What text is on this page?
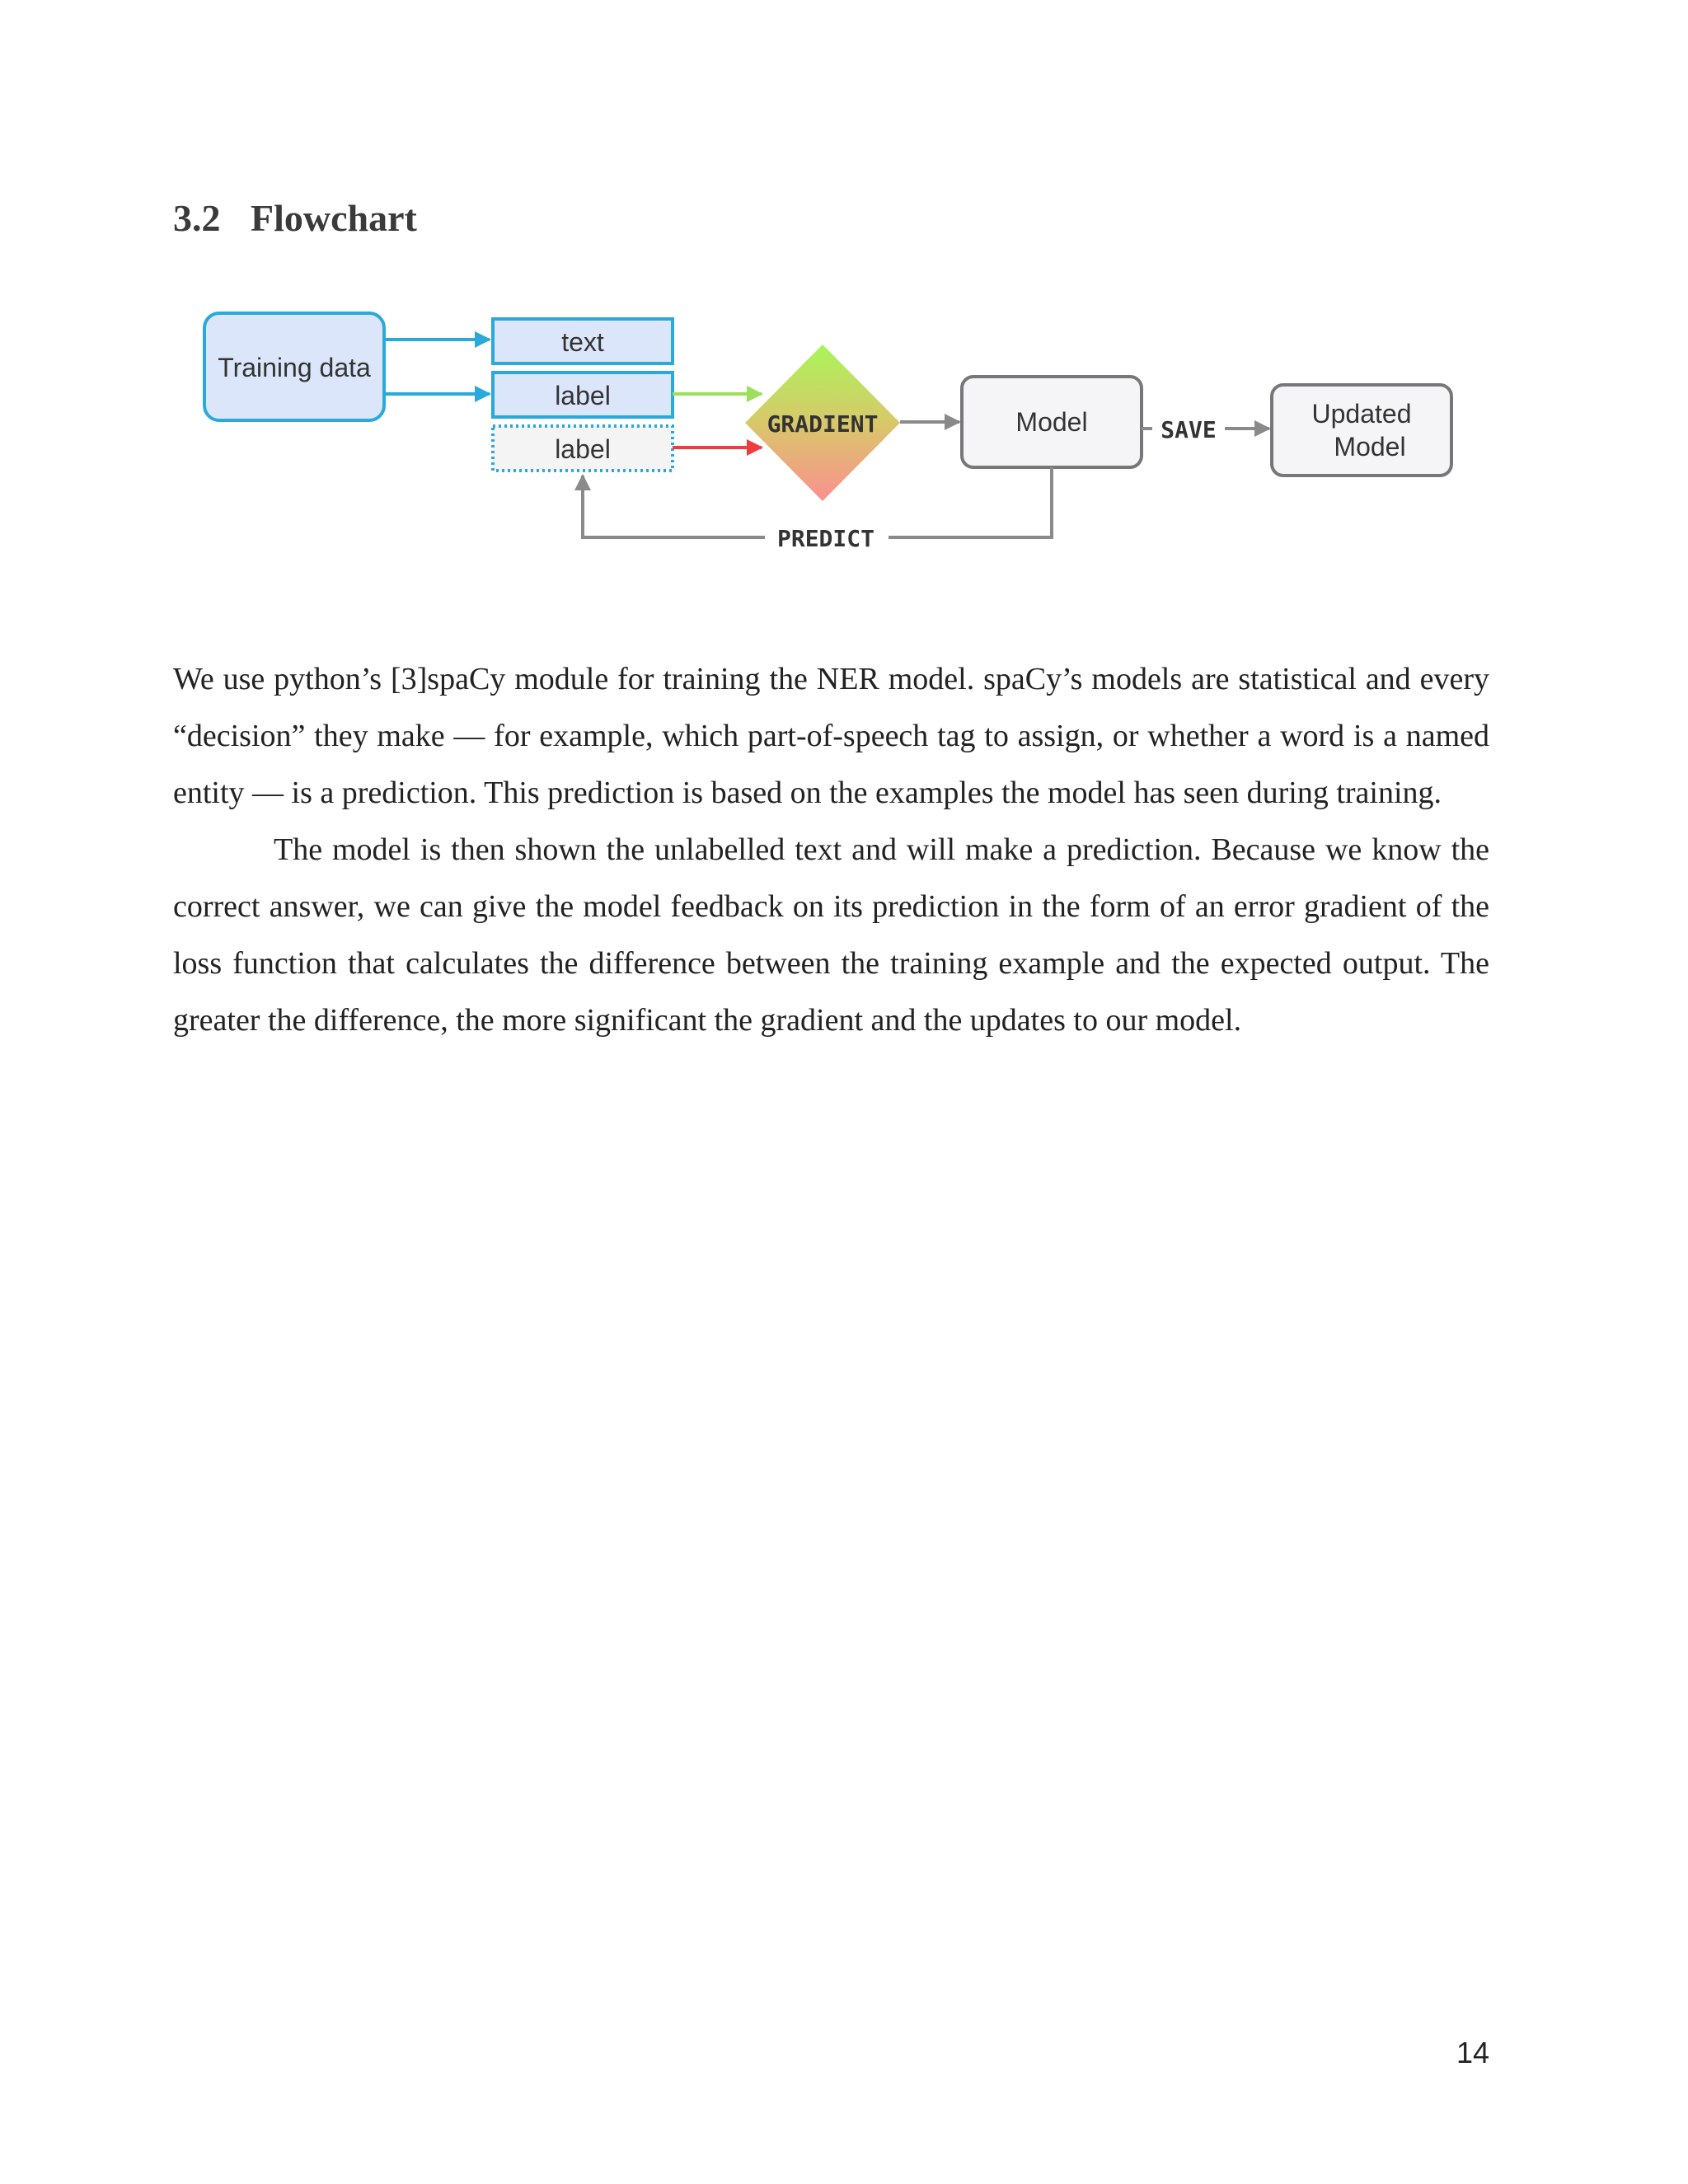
3.2 Flowchart
Training data
text
label
label
GRADIENT	Model	SAVE
Updated
Model
PREDICT

We use python’s [3]spaCy module for training the NER model. spaCy’s models are statistical and every “decision” they make — for example, which part-of-speech tag to assign, or whether a word is a named entity — is a prediction. This prediction is based on the examples the model has seen during training.

The model is then shown the unlabelled text and will make a prediction. Because we know the correct answer, we can give the model feedback on its prediction in the form of an error gradient of the loss function that calculates the difference between the training example and the expected output. The greater the difference, the more significant the gradient and the updates to our model.

14
